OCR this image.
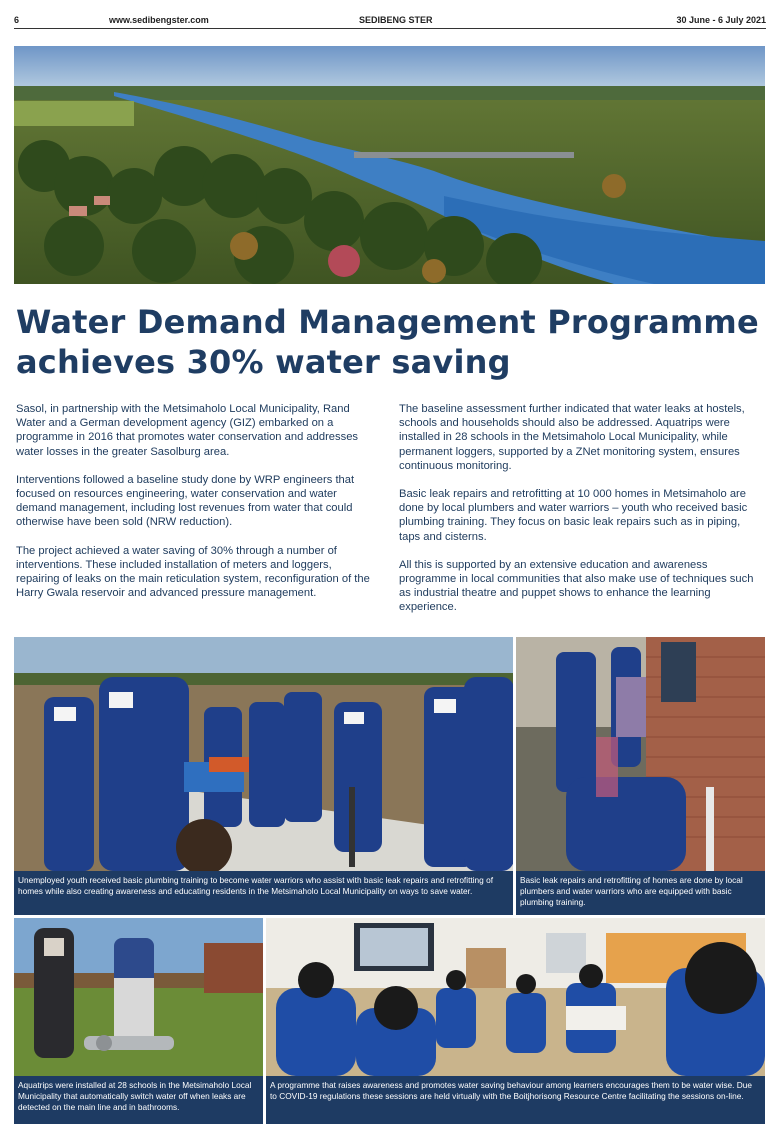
6	www.sedibengster.com	SEDIBENG STER	30 June - 6 July 2021
Water Demand Management Programme
achieves 30% water saving

Sasol, in partnership with the Metsimaholo Local Municipality, Rand Water and a German development agency (GIZ) embarked on a programme in 2016 that promotes water conservation and addresses water losses in the greater Sasolburg area.

Interventions followed a baseline study done by WRP engineers that focused on resources engineering, water conservation and water demand management, including lost revenues from water that could otherwise have been sold (NRW reduction).

The project achieved a water saving of 30% through a number of interventions. These included installation of meters and loggers, repairing of leaks on the main reticulation system, reconfiguration of the Harry Gwala reservoir and advanced pressure management.

The baseline assessment further indicated that water leaks at hostels, schools and households should also be addressed. Aquatrips were installed in 28 schools in the Metsimaholo Local Municipality, while permanent loggers, supported by a ZNet monitoring system, ensures continuous monitoring.

Basic leak repairs and retrofitting at 10 000 homes in Metsimaholo are done by local plumbers and water warriors – youth who received basic plumbing training. They focus on basic leak repairs such as in piping, taps and cisterns.

All this is supported by an extensive education and awareness programme in local communities that also make use of techniques such as industrial theatre and puppet shows to enhance the learning experience.

Unemployed youth received basic plumbing training to become water warriors who assist with basic leak repairs and retrofitting of homes while also creating awareness and educating residents in the Metsimaholo Local Municipality on ways to save water.
Basic leak repairs and retrofitting of homes are done by local plumbers and water warriors who are equipped with basic plumbing training.
Aquatrips were installed at 28 schools in the Metsimaholo Local Municipality that automatically switch water off when leaks are detected on the main line and in bathrooms.
A programme that raises awareness and promotes water saving behaviour among learners encourages them to be water wise. Due to COVID-19 regulations these sessions are held virtually with the Boitjhorisong Resource Centre facilitating the sessions on-line.
